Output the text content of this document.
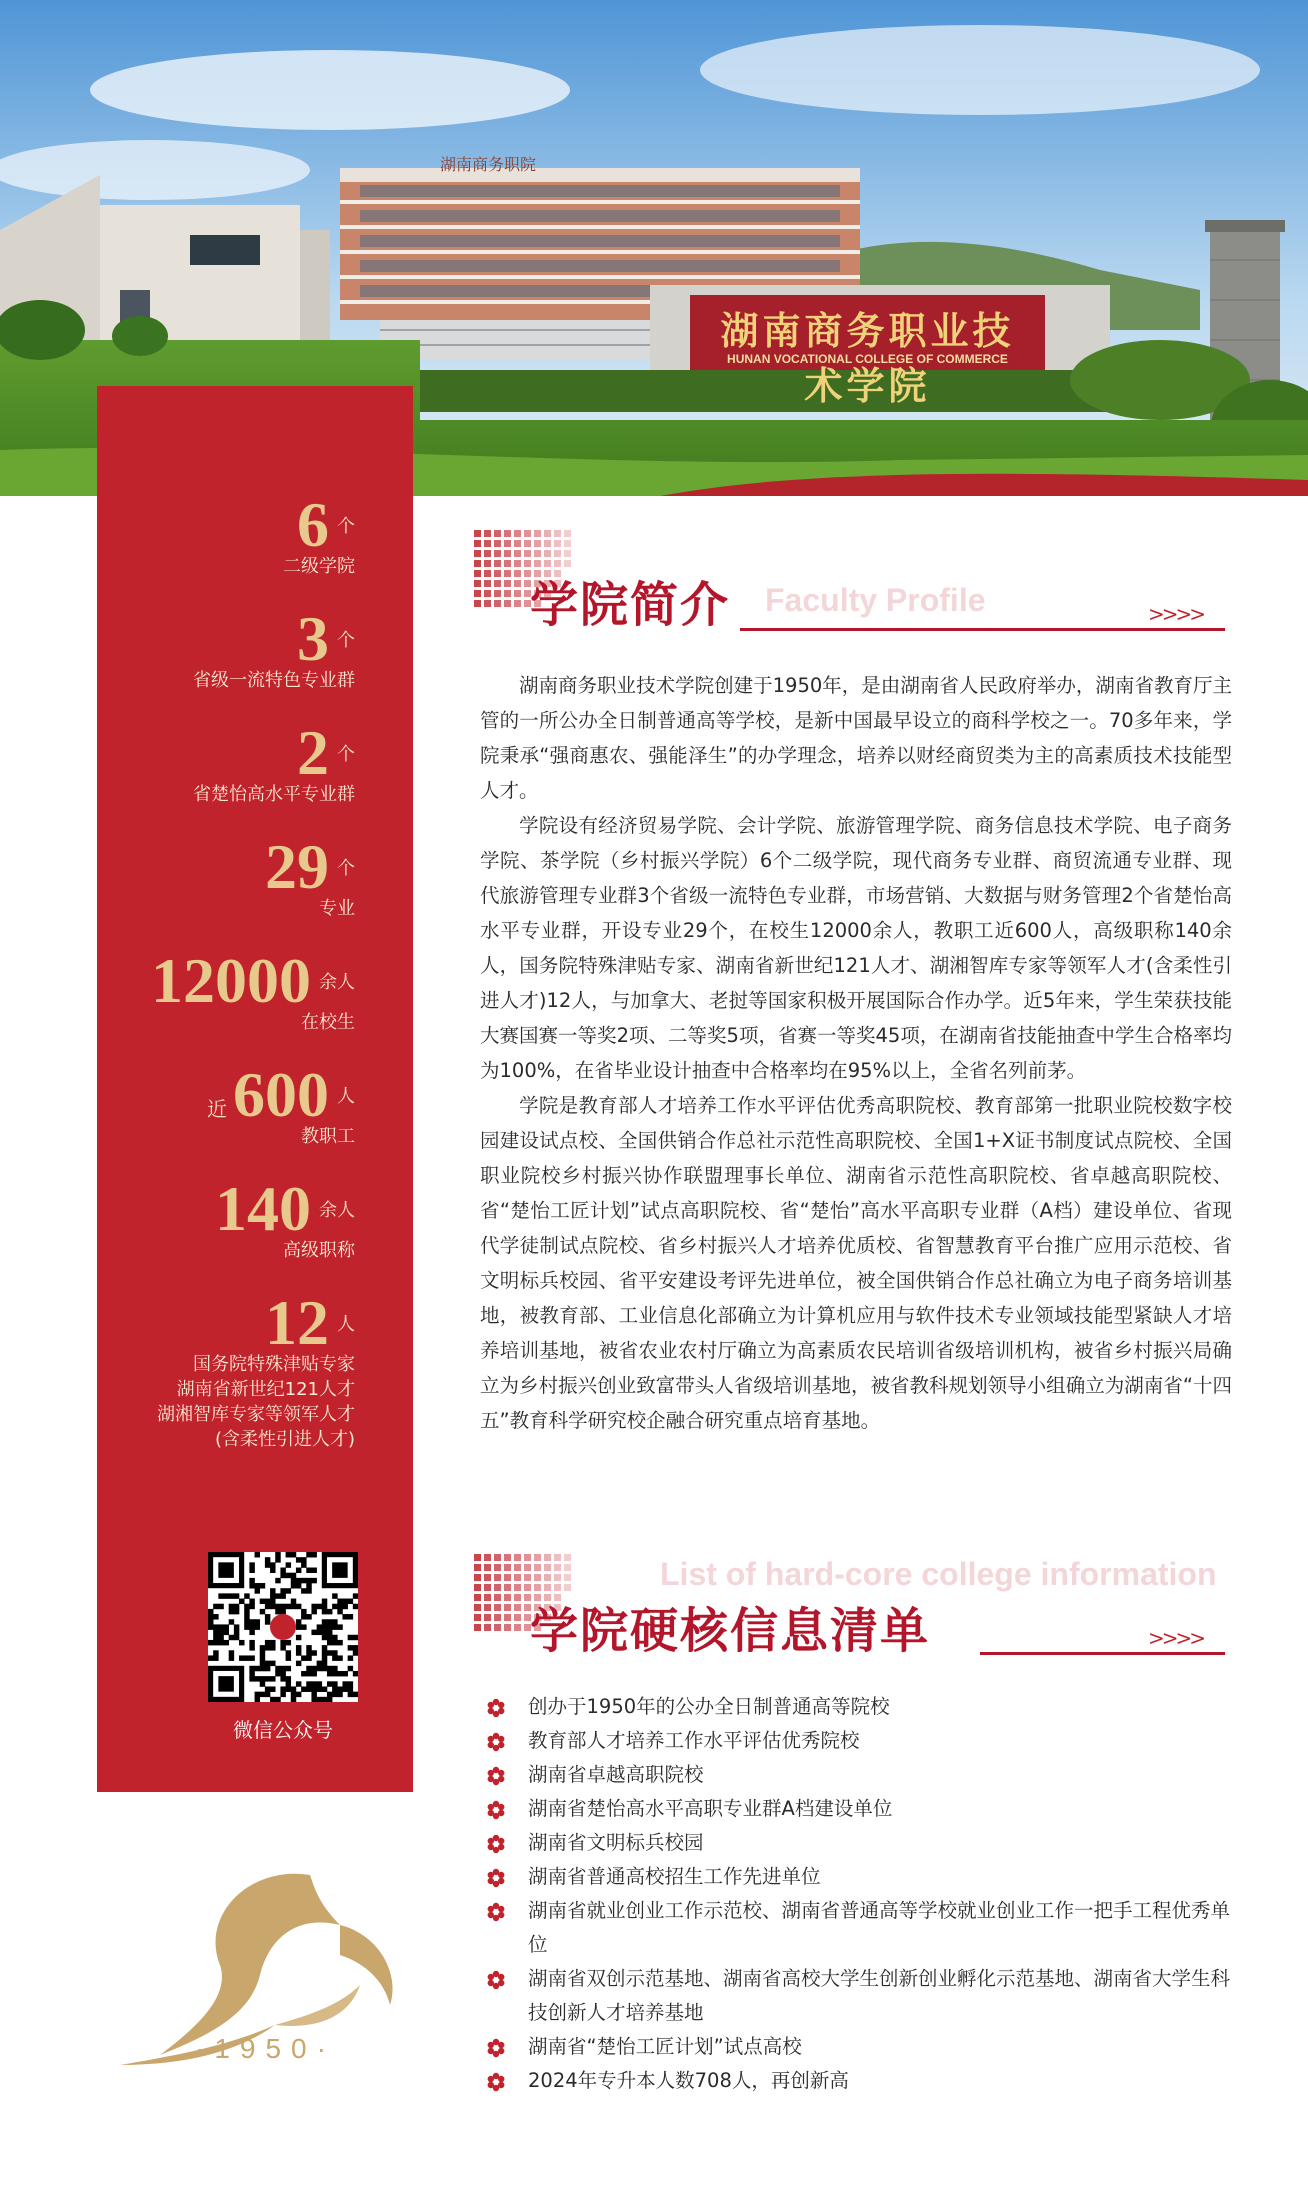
湖南商务职院
湖南商务职业技术学院
HUNAN VOCATIONAL COLLEGE OF COMMERCE
6 个
二级学院
3 个
省级一流特色专业群
2 个
省楚怡高水平专业群
29 个
专业
12000 余人
在校生
近600 人
教职工
140 余人
高级职称
12 人
国务院特殊津贴专家
湖南省新世纪121人才
湖湘智库专家等领军人才
(含柔性引进人才)
微信公众号
·1950·
Faculty Profile
学院简介	>>>>

湖南商务职业技术学院创建于1950年，是由湖南省人民政府举办，湖南省教育厅主管的一所公办全日制普通高等学校，是新中国最早设立的商科学校之一。70多年来，学院秉承“强商惠农、强能泽生”的办学理念，培养以财经商贸类为主的高素质技术技能型人才。

学院设有经济贸易学院、会计学院、旅游管理学院、商务信息技术学院、电子商务学院、茶学院（乡村振兴学院）6个二级学院，现代商务专业群、商贸流通专业群、现代旅游管理专业群3个省级一流特色专业群，市场营销、大数据与财务管理2个省楚怡高水平专业群，开设专业29个，在校生12000余人，教职工近600人，高级职称140余人，国务院特殊津贴专家、湖南省新世纪121人才、湖湘智库专家等领军人才(含柔性引进人才)12人，与加拿大、老挝等国家积极开展国际合作办学。近5年来，学生荣获技能大赛国赛一等奖2项、二等奖5项，省赛一等奖45项，在湖南省技能抽查中学生合格率均为100%，在省毕业设计抽查中合格率均在95%以上，全省名列前茅。

学院是教育部人才培养工作水平评估优秀高职院校、教育部第一批职业院校数字校园建设试点校、全国供销合作总社示范性高职院校、全国1+X证书制度试点院校、全国职业院校乡村振兴协作联盟理事长单位、湖南省示范性高职院校、省卓越高职院校、省“楚怡工匠计划”试点高职院校、省“楚怡”高水平高职专业群（A档）建设单位、省现代学徒制试点院校、省乡村振兴人才培养优质校、省智慧教育平台推广应用示范校、省文明标兵校园、省平安建设考评先进单位，被全国供销合作总社确立为电子商务培训基地，被教育部、工业信息化部确立为计算机应用与软件技术专业领域技能型紧缺人才培养培训基地，被省农业农村厅确立为高素质农民培训省级培训机构，被省乡村振兴局确立为乡村振兴创业致富带头人省级培训基地，被省教科规划领导小组确立为湖南省“十四五”教育科学研究校企融合研究重点培育基地。

List of hard-core college information
学院硬核信息清单	>>>>
创办于1950年的公办全日制普通高等院校
教育部人才培养工作水平评估优秀院校
湖南省卓越高职院校
湖南省楚怡高水平高职专业群A档建设单位
湖南省文明标兵校园
湖南省普通高校招生工作先进单位
湖南省就业创业工作示范校、湖南省普通高等学校就业创业工作一把手工程优秀单位
湖南省双创示范基地、湖南省高校大学生创新创业孵化示范基地、湖南省大学生科技创新人才培养基地
湖南省“楚怡工匠计划”试点高校
2024年专升本人数708人，再创新高
